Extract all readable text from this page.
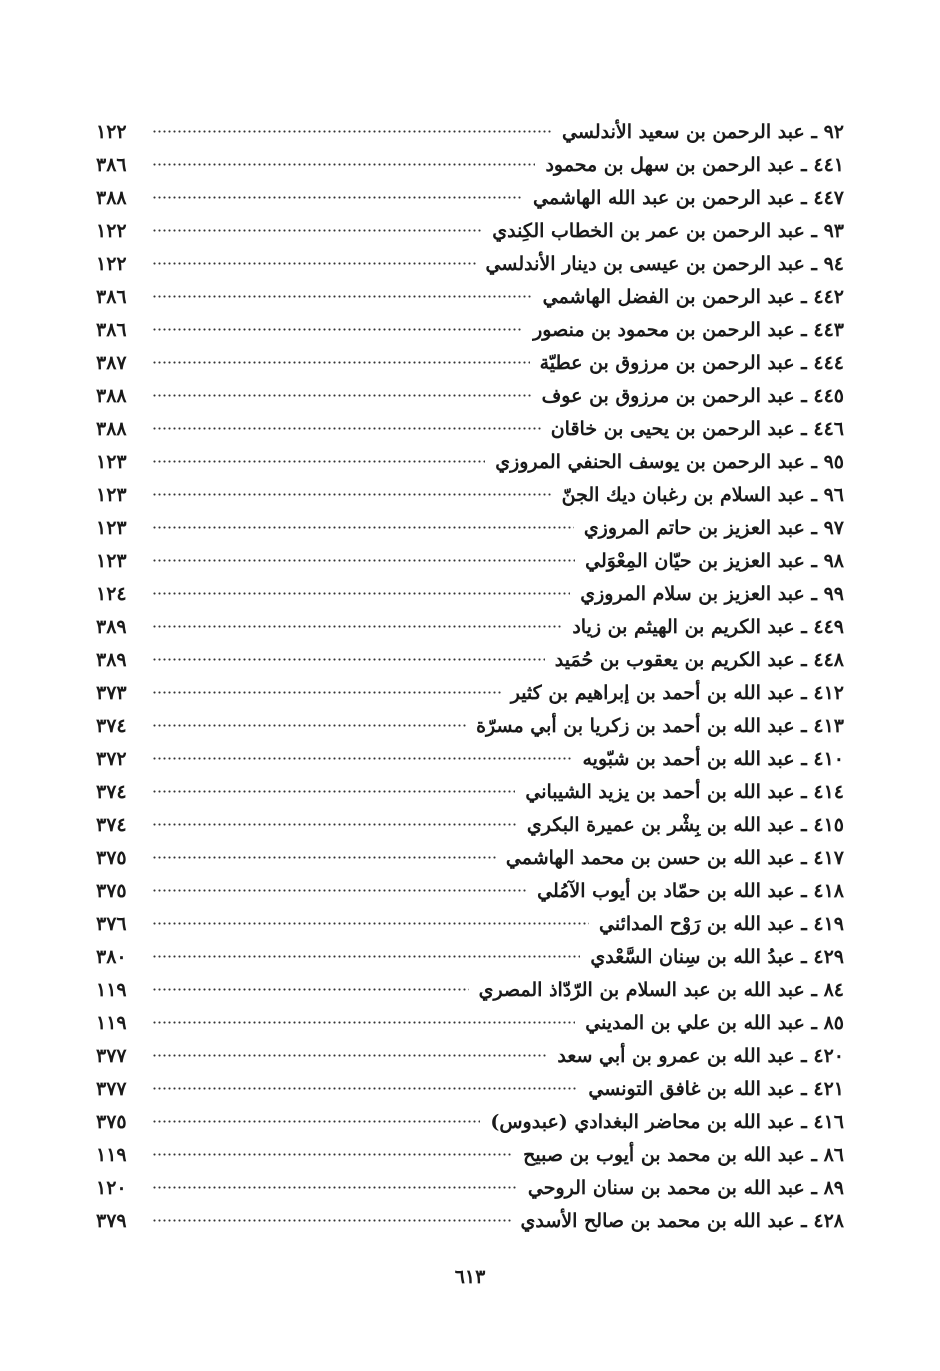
٩٢ ـ عبد الرحمن بن سعيد الأندلسي
١٢٢
٤٤١ ـ عبد الرحمن بن سهل بن محمود
٣٨٦
٤٤٧ ـ عبد الرحمن بن عبد الله الهاشمي
٣٨٨
٩٣ ـ عبد الرحمن بن عمر بن الخطاب الكِندي
١٢٢
٩٤ ـ عبد الرحمن بن عيسى بن دينار الأندلسي
١٢٢
٤٤٢ ـ عبد الرحمن بن الفضل الهاشمي
٣٨٦
٤٤٣ ـ عبد الرحمن بن محمود بن منصور
٣٨٦
٤٤٤ ـ عبد الرحمن بن مرزوق بن عطيّة
٣٨٧
٤٤٥ ـ عبد الرحمن بن مرزوق بن عوف
٣٨٨
٤٤٦ ـ عبد الرحمن بن يحيى بن خاقان
٣٨٨
٩٥ ـ عبد الرحمن بن يوسف الحنفي المروزي
١٢٣
٩٦ ـ عبد السلام بن رغبان ديك الجنّ
١٢٣
٩٧ ـ عبد العزيز بن حاتم المروزي
١٢٣
٩٨ ـ عبد العزيز بن حيّان المِعْوَلي
١٢٣
٩٩ ـ عبد العزيز بن سلام المروزي
١٢٤
٤٤٩ ـ عبد الكريم بن الهيثم بن زياد
٣٨٩
٤٤٨ ـ عبد الكريم بن يعقوب بن حُمَيد
٣٨٩
٤١٢ ـ عبد الله بن أحمد بن إبراهيم بن كثير
٣٧٣
٤١٣ ـ عبد الله بن أحمد بن زكريا بن أبي مسرّة
٣٧٤
٤١٠ ـ عبد الله بن أحمد بن شبّويه
٣٧٢
٤١٤ ـ عبد الله بن أحمد بن يزيد الشيباني
٣٧٤
٤١٥ ـ عبد الله بن بِشْر بن عميرة البكري
٣٧٤
٤١٧ ـ عبد الله بن حسن بن محمد الهاشمي
٣٧٥
٤١٨ ـ عبد الله بن حمّاد بن أيوب الآمُلي
٣٧٥
٤١٩ ـ عبد الله بن رَوْح المدائني
٣٧٦
٤٢٩ ـ عبدُ الله بن سِنان السَّعْدي
٣٨٠
٨٤ ـ عبد الله بن عبد السلام بن الرّدّاذ المصري
١١٩
٨٥ ـ عبد الله بن علي بن المديني
١١٩
٤٢٠ ـ عبد الله بن عمرو بن أبي سعد
٣٧٧
٤٢١ ـ عبد الله بن غافق التونسي
٣٧٧
٤١٦ ـ عبد الله بن محاضر البغدادي (عبدوس)
٣٧٥
٨٦ ـ عبد الله بن محمد بن أيوب بن صبيح
١١٩
٨٩ ـ عبد الله بن محمد بن سنان الروحي
١٢٠
٤٢٨ ـ عبد الله بن محمد بن صالح الأسدي
٣٧٩
٦١٣
